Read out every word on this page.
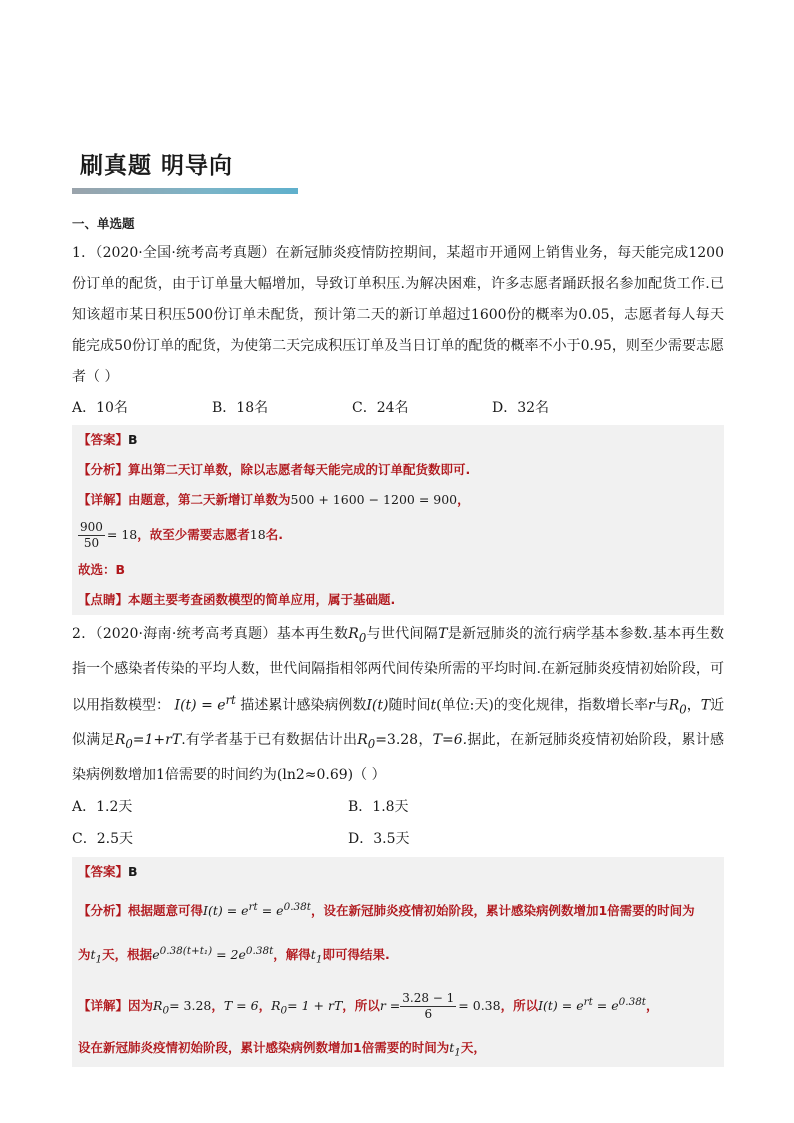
刷真题 明导向
一、单选题
1．（2020·全国·统考高考真题）在新冠肺炎疫情防控期间，某超市开通网上销售业务，每天能完成1200份订单的配货，由于订单量大幅增加，导致订单积压.为解决困难，许多志愿者踊跃报名参加配货工作.已知该超市某日积压500份订单未配货，预计第二天的新订单超过1600份的概率为0.05，志愿者每人每天能完成50份订单的配货，为使第二天完成积压订单及当日订单的配货的概率不小于0.95，则至少需要志愿者（ ）
A．10名	B．18名	C．24名	D．32名
【答案】B
【分析】算出第二天订单数，除以志愿者每天能完成的订单配货数即可.
【详解】由题意，第二天新增订单数为500 + 1600 − 1200 = 900，
$\frac{900}{50} = 18$，故至少需要志愿者18名.
故选：B
【点睛】本题主要考查函数模型的简单应用，属于基础题.
2．（2020·海南·统考高考真题）基本再生数$R_0$与世代间隔T是新冠肺炎的流行病学基本参数.基本再生数指一个感染者传染的平均人数，世代间隔指相邻两代间传染所需的平均时间.在新冠肺炎疫情初始阶段，可以用指数模型： $I(t) = e^{rt}$ 描述累计感染病例数I(t)随时间t(单位:天)的变化规律，指数增长率r与$R_0$，T近似满足$R_0=1+rT$.有学者基于已有数据估计出$R_0=3.28$，T=6.据此，在新冠肺炎疫情初始阶段，累计感染病例数增加1倍需要的时间约为(ln2≈0.69)（ ）
A．1.2天	B．1.8天
C．2.5天	D．3.5天
【答案】B
【分析】根据题意可得$I(t) = e^{rt} = e^{0.38t}$，设在新冠肺炎疫情初始阶段，累计感染病例数增加1倍需要的时间为
为$t_1$天，根据$e^{0.38(t+t_1)} = 2e^{0.38t}$，解得$t_1$即可得结果.
【详解】因为$R_0= 3.28$，T = 6，$R_0= 1$ + rT，所以$r = \frac{3.28 - 1}{6} = 0.38$，所以$I(t) = e^{rt} = e^{0.38t}$，
设在新冠肺炎疫情初始阶段，累计感染病例数增加1倍需要的时间为$t_1$天，
